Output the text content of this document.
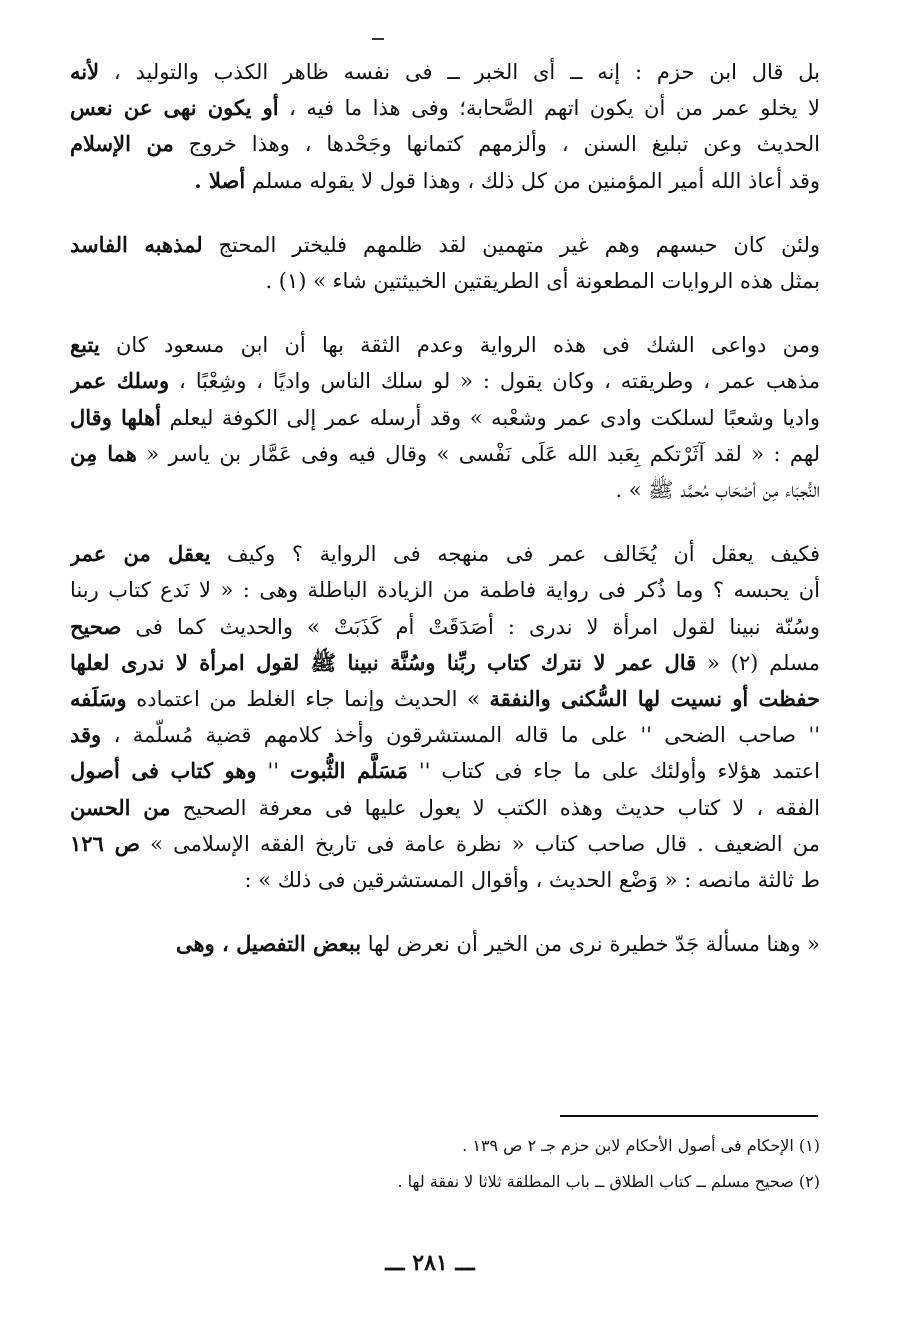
بل قال ابن حزم : إنه ــ أى الخبر ــ فى نفسه ظاهر الكذب والتوليد ، لأنه
لا يخلو عمر من أن يكون اتهم الصَّحابة؛ وفى هذا ما فيه ، أو يكون نهى عن نعس
الحديث وعن تبليغ السنن ، وألزمهم كتمانها وجَحْدها ، وهذا خروج من الإسلام
وقد أعاذ الله أمير المؤمنين من كل ذلك ، وهذا قول لا يقوله مسلم أصلا .
ولئن كان حبسهم وهم غير متهمين لقد ظلمهم فليختر المحتج لمذهبه الفاسد
بمثل هذه الروايات المطعونة أى الطريقتين الخبيثتين شاء » (١) .
ومن دواعى الشك فى هذه الرواية وعدم الثقة بها أن ابن مسعود كان يتبع
مذهب عمر ، وطريقته ، وكان يقول : « لو سلك الناس واديًا ، وشِعْبًا ، وسلك عمر
واديا وشعبًا لسلكت وادى عمر وشعْبه » وقد أرسله عمر إلى الكوفة ليعلم أهلها وقال
لهم : « لقد آثَرْتكم بِعَبد الله عَلَى نَفْسى » وقال فيه وفى عَمَّار بن ياسر « هما مِن
النُّجبَاء مِن أصْحَاب مُحمَّد ﷺ » .
فكيف يعقل أن يُخَالف عمر فى منهجه فى الرواية ؟ وكيف يعقل من عمر
أن يحبسه ؟ وما ذُكر فى رواية فاطمة من الزيادة الباطلة وهى : « لا نَدع كتاب ربنا
وسُنّة نبينا لقول امرأة لا ندرى : أصَدَقَتْ أم كَذَبَتْ » والحديث كما فى صحيح
مسلم (٢) « قال عمر لا نترك كتاب ربِّنا وسُنَّة نبينا ﷺ لقول امرأة لا ندرى لعلها
حفظت أو نسيت لها السُّكنى والنفقة » الحديث وإنما جاء الغلط من اعتماده وسَلَفه
'' صاحب الضحى '' على ما قاله المستشرقون وأخذ كلامهم قضية مُسلّمة ، وقد
اعتمد هؤلاء وأولئك على ما جاء فى كتاب '' مَسَلَّم الثُّبوت '' وهو كتاب فى أصول
الفقه ، لا كتاب حديث وهذه الكتب لا يعول عليها فى معرفة الصحيح من الحسن
من الضعيف . قال صاحب كتاب « نظرة عامة فى تاريخ الفقه الإسلامى » ص ١٢٦
ط ثالثة مانصه : « وَضْع الحديث ، وأقوال المستشرقين فى ذلك » :
« وهنا مسألة جَدّ خطيرة نرى من الخير أن نعرض لها ببعض التفصيل ، وهى
(١) الإحكام فى أصول الأحكام لابن حزم جـ ٢ ص ١٣٩ .
(٢) صحيح مسلم ــ كتاب الطلاق ــ باب المطلقة ثلاثا لا نفقة لها .
ـــ ٢٨١ ـــ
